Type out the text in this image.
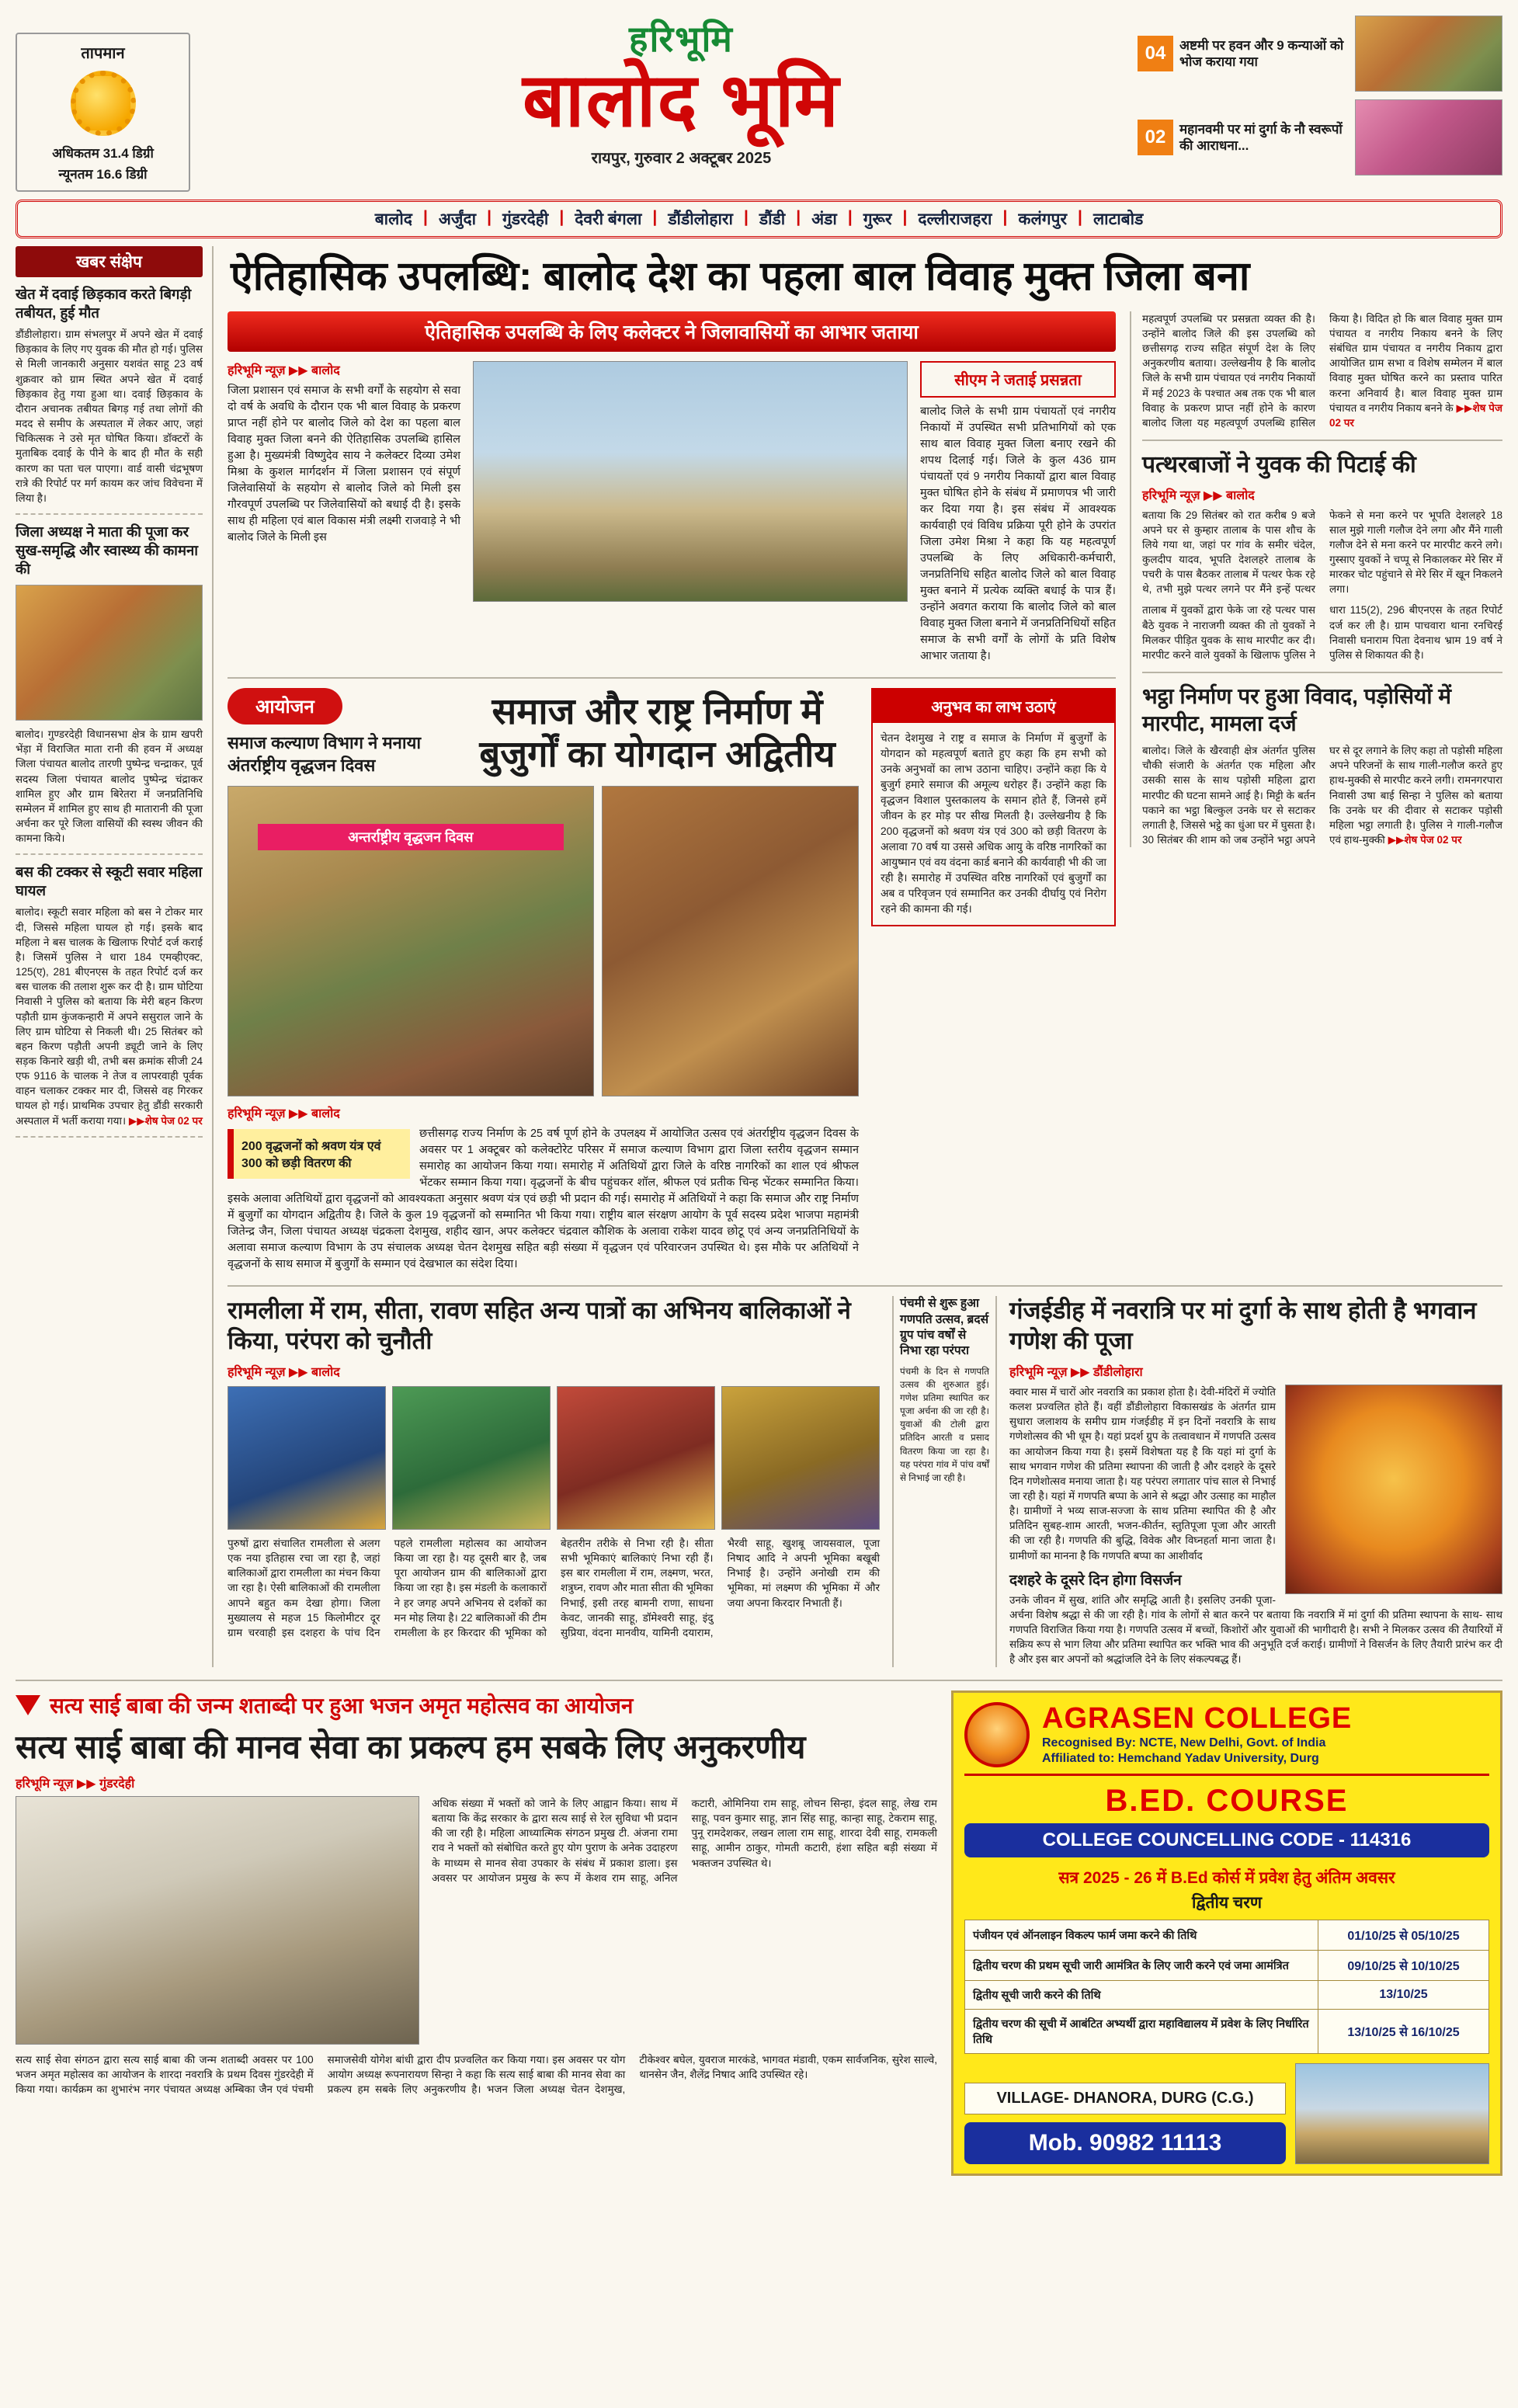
तापमान
अधिकतम 31.4 डिग्री
न्यूनतम 16.6 डिग्री
हरिभूमि
बालोद भूमि
रायपुर, गुरुवार 2 अक्टूबर 2025
04	अष्टमी पर हवन और 9 कन्याओं को भोज कराया गया
02	महानवमी पर मां दुर्गा के नौ स्वरूपों की आराधना...
बालोद | अर्जुंदा | गुंडरदेही | देवरी बंगला | डौंडीलोहारा | डौंडी | अंडा | गुरूर | दल्लीराजहरा | कलंगपुर | लाटाबोड
खबर संक्षेप
खेत में दवाई छिड़काव करते बिगड़ी तबीयत, हुई मौत

डौंडीलोहारा। ग्राम संभलपुर में अपने खेत में दवाई छिड़काव के लिए गए युवक की मौत हो गई। पुलिस से मिली जानकारी अनुसार यशवंत साहू 23 वर्ष शुक्रवार को ग्राम स्थित अपने खेत में दवाई छिड़काव हेतु गया हुआ था। दवाई छिड़काव के दौरान अचानक तबीयत बिगड़ गई तथा लोगों की मदद से समीप के अस्पताल में लेकर आए, जहां चिकित्सक ने उसे मृत घोषित किया। डॉक्टरों के मुताबिक दवाई के पीने के बाद ही मौत के सही कारण का पता चल पाएगा। वार्ड वासी चंद्रभूषण रात्रे की रिपोर्ट पर मर्ग कायम कर जांच विवेचना में लिया है।

जिला अध्यक्ष ने माता की पूजा कर सुख-समृद्धि और स्वास्थ्य की कामना की

बालोद। गुण्डरदेही विधानसभा क्षेत्र के ग्राम खपरी भेंड़ा में विराजित माता रानी की हवन में अध्यक्ष जिला पंचायत बालोद तारणी पुष्पेन्द्र चन्द्राकर, पूर्व सदस्य जिला पंचायत बालोद पुष्पेन्द्र चंद्राकर शामिल हुए और ग्राम बिरेतरा में जनप्रतिनिधि सम्मेलन में शामिल हुए साथ ही मातारानी की पूजा अर्चना कर पूरे जिला वासियों की स्वस्थ जीवन की कामना किये।

बस की टक्कर से स्कूटी सवार महिला घायल

बालोद। स्कूटी सवार महिला को बस ने टोकर मार दी, जिससे महिला घायल हो गई। इसके बाद महिला ने बस चालक के खिलाफ रिपोर्ट दर्ज कराई है। जिसमें पुलिस ने धारा 184 एमव्हीएक्ट, 125(ए), 281 बीएनएस के तहत रिपोर्ट दर्ज कर बस चालक की तलाश शुरू कर दी है। ग्राम घोटिया निवासी ने पुलिस को बताया कि मेरी बहन किरण पड़ौती ग्राम कुंजकन्हारी में अपने ससुराल जाने के लिए ग्राम घोटिया से निकली थी। 25 सितंबर को बहन किरण पड़ौती अपनी ड्यूटी जाने के लिए सड़क किनारे खड़ी थी, तभी बस क्रमांक सीजी 24 एफ 9116 के चालक ने तेज व लापरवाही पूर्वक वाहन चलाकर टक्कर मार दी, जिससे वह गिरकर घायल हो गई। प्राथमिक उपचार हेतु डौंडी सरकारी अस्पताल में भर्ती कराया गया। ▶▶शेष पेज 02 पर

ऐतिहासिक उपलब्धि: बालोद देश का पहला बाल विवाह मुक्त जिला बना
ऐतिहासिक उपलब्धि के लिए कलेक्टर ने जिलावासियों का आभार जताया
हरिभूमि न्यूज़ ▶▶ बालोद

जिला प्रशासन एवं समाज के सभी वर्गों के सहयोग से सवा दो वर्ष के अवधि के दौरान एक भी बाल विवाह के प्रकरण प्राप्त नहीं होने पर बालोद जिले को देश का पहला बाल विवाह मुक्त जिला बनने की ऐतिहासिक उपलब्धि हासिल हुआ है। मुख्यमंत्री विष्णुदेव साय ने कलेक्टर दिव्या उमेश मिश्रा के कुशल मार्गदर्शन में जिला प्रशासन एवं संपूर्ण जिलेवासियों के सहयोग से बालोद जिले को मिली इस गौरवपूर्ण उपलब्धि पर जिलेवासियों को बधाई दी है। इसके साथ ही महिला एवं बाल विकास मंत्री लक्ष्मी राजवाड़े ने भी बालोद जिले के मिली इस

सीएम ने जताई प्रसन्नता

बालोद जिले के सभी ग्राम पंचायतों एवं नगरीय निकायों में उपस्थित सभी प्रतिभागियों को एक साथ बाल विवाह मुक्त जिला बनाए रखने की शपथ दिलाई गई। जिले के कुल 436 ग्राम पंचायतों एवं 9 नगरीय निकायों द्वारा बाल विवाह मुक्त घोषित होने के संबंध में प्रमाणपत्र भी जारी कर दिया गया है। इस संबंध में आवश्यक कार्यवाही एवं विविध प्रक्रिया पूरी होने के उपरांत जिला उमेश मिश्रा ने कहा कि यह महत्वपूर्ण उपलब्धि के लिए अधिकारी-कर्मचारी, जनप्रतिनिधि सहित बालोद जिले को बाल विवाह मुक्त बनाने में प्रत्येक व्यक्ति बधाई के पात्र हैं। उन्होंने अवगत कराया कि बालोद जिले को बाल विवाह मुक्त जिला बनाने में जनप्रतिनिधियों सहित समाज के सभी वर्गों के लोगों के प्रति विशेष आभार जताया है।

आयोजन
समाज कल्याण विभाग ने मनाया अंतर्राष्ट्रीय वृद्धजन दिवस
समाज और राष्ट्र निर्माण में बुजुर्गों का योगदान अद्वितीय
अन्तर्राष्ट्रीय वृद्धजन दिवस
हरिभूमि न्यूज़ ▶▶ बालोद
200 वृद्धजनों को श्रवण यंत्र एवं 300 को छड़ी वितरण की

छत्तीसगढ़ राज्य निर्माण के 25 वर्ष पूर्ण होने के उपलक्ष्य में आयोजित उत्सव एवं अंतर्राष्ट्रीय वृद्धजन दिवस के अवसर पर 1 अक्टूबर को कलेक्टोरेट परिसर में समाज कल्याण विभाग द्वारा जिला स्तरीय वृद्धजन सम्मान समारोह का आयोजन किया गया। समारोह में अतिथियों द्वारा जिले के वरिष्ठ नागरिकों का शाल एवं श्रीफल भेंटकर सम्मान किया गया। वृद्धजनों के बीच पहुंचकर शॉल, श्रीफल एवं प्रतीक चिन्ह भेंटकर सम्मानित किया। इसके अलावा अतिथियों द्वारा वृद्धजनों को आवश्यकता अनुसार श्रवण यंत्र एवं छड़ी भी प्रदान की गई। समारोह में अतिथियों ने कहा कि समाज और राष्ट्र निर्माण में बुजुर्गों का योगदान अद्वितीय है। जिले के कुल 19 वृद्धजनों को सम्मानित भी किया गया। राष्ट्रीय बाल संरक्षण आयोग के पूर्व सदस्य प्रदेश भाजपा महामंत्री जितेन्द्र जैन, जिला पंचायत अध्यक्ष चंद्रकला देशमुख, शहीद खान, अपर कलेक्टर चंद्रवाल कौशिक के अलावा राकेश यादव छोटू एवं अन्य जनप्रतिनिधियों के अलावा समाज कल्याण विभाग के उप संचालक अध्यक्ष चेतन देशमुख सहित बड़ी संख्या में वृद्धजन एवं परिवारजन उपस्थित थे। इस मौके पर अतिथियों ने वृद्धजनों के साथ समाज में बुजुर्गों के सम्मान एवं देखभाल का संदेश दिया।

अनुभव का लाभ उठाएं

चेतन देशमुख ने राष्ट्र व समाज के निर्माण में बुजुर्गों के योगदान को महत्वपूर्ण बताते हुए कहा कि हम सभी को उनके अनुभवों का लाभ उठाना चाहिए। उन्होंने कहा कि ये बुजुर्ग हमारे समाज की अमूल्य धरोहर हैं। उन्होंने कहा कि वृद्धजन विशाल पुस्तकालय के समान होते हैं, जिनसे हमें जीवन के हर मोड़ पर सीख मिलती है। उल्लेखनीय है कि 200 वृद्धजनों को श्रवण यंत्र एवं 300 को छड़ी वितरण के अलावा 70 वर्ष या उससे अधिक आयु के वरिष्ठ नागरिकों का आयुष्मान एवं वय वंदना कार्ड बनाने की कार्यवाही भी की जा रही है। समारोह में उपस्थित वरिष्ठ नागरिकों एवं बुजुर्गों का अब व परिवृजन एवं सम्मानित कर उनकी दीर्घायु एवं निरोग रहने की कामना की गई।

महत्वपूर्ण उपलब्धि पर प्रसन्नता व्यक्त की है। उन्होंने बालोद जिले की इस उपलब्धि को छत्तीसगढ़ राज्य सहित संपूर्ण देश के लिए अनुकरणीय बताया। उल्लेखनीय है कि बालोद जिले के सभी ग्राम पंचायत एवं नगरीय निकायों में मई 2023 के पश्चात अब तक एक भी बाल विवाह के प्रकरण प्राप्त नहीं होने के कारण बालोद जिला यह महत्वपूर्ण उपलब्धि हासिल किया है। विदित हो कि बाल विवाह मुक्त ग्राम पंचायत व नगरीय निकाय बनने के लिए संबंधित ग्राम पंचायत व नगरीय निकाय द्वारा आयोजित ग्राम सभा व विशेष सम्मेलन में बाल विवाह मुक्त घोषित करने का प्रस्ताव पारित करना अनिवार्य है। बाल विवाह मुक्त ग्राम पंचायत व नगरीय निकाय बनने के ▶▶शेष पेज 02 पर

पत्थरबाजों ने युवक की पिटाई की
हरिभूमि न्यूज़ ▶▶ बालोद

बताया कि 29 सितंबर को रात करीब 9 बजे अपने घर से कुम्हार तालाब के पास शौच के लिये गया था, जहां पर गांव के समीर चंदेल, कुलदीप यादव, भूपति देशलहरे तालाब के पचरी के पास बैठकर तालाब में पत्थर फेक रहे थे, तभी मुझे पत्थर लगने पर मैंने इन्हें पत्थर फेकने से मना करने पर भूपति देशलहरे 18 साल मुझे गाली गलौज देने लगा और मैंने गाली गलौज देने से मना करने पर मारपीट करने लगे। गुस्साए युवकों ने चप्पू से निकालकर मेरे सिर में मारकर चोट पहुंचाने से मेरे सिर में खून निकलने लगा।

तालाब में युवकों द्वारा फेके जा रहे पत्थर पास बैठे युवक ने नाराजगी व्यक्त की तो युवकों ने मिलकर पीड़ित युवक के साथ मारपीट कर दी। मारपीट करने वाले युवकों के खिलाफ पुलिस ने धारा 115(2), 296 बीएनएस के तहत रिपोर्ट दर्ज कर ली है। ग्राम पाचवारा थाना रनचिरई निवासी घनाराम पिता देवनाथ भ्राम 19 वर्ष ने पुलिस से शिकायत की है।

भट्ठा निर्माण पर हुआ विवाद, पड़ोसियों में मारपीट, मामला दर्ज

बालोद। जिले के खैरवाही क्षेत्र अंतर्गत पुलिस चौकी संजारी के अंतर्गत एक महिला और उसकी सास के साथ पड़ोसी महिला द्वारा मारपीट की घटना सामने आई है। मिट्टी के बर्तन पकाने का भट्ठा बिल्कुल उनके घर से सटाकर लगाती है, जिससे भट्ठे का धुंआ घर में घुसता है। 30 सितंबर की शाम को जब उन्होंने भट्ठा अपने घर से दूर लगाने के लिए कहा तो पड़ोसी महिला अपने परिजनों के साथ गाली-गलौज करते हुए हाथ-मुक्की से मारपीट करने लगी। रामनगरपारा निवासी उषा बाई सिन्हा ने पुलिस को बताया कि उनके घर की दीवार से सटाकर पड़ोसी महिला भट्ठा लगाती है। पुलिस ने गाली-गलौज एवं हाथ-मुक्की ▶▶शेष पेज 02 पर

रामलीला में राम, सीता, रावण सहित अन्य पात्रों का अभिनय बालिकाओं ने किया, परंपरा को चुनौती
हरिभूमि न्यूज़ ▶▶ बालोद

पुरुषों द्वारा संचालित रामलीला से अलग एक नया इतिहास रचा जा रहा है, जहां बालिकाओं द्वारा रामलीला का मंचन किया जा रहा है। ऐसी बालिकाओं की रामलीला आपने बहुत कम देखा होगा। जिला मुख्यालय से महज 15 किलोमीटर दूर ग्राम चरवाही इस दशहरा के पांच दिन पहले रामलीला महोत्सव का आयोजन किया जा रहा है। यह दूसरी बार है, जब पूरा आयोजन ग्राम की बालिकाओं द्वारा किया जा रहा है। इस मंडली के कलाकारों ने हर जगह अपने अभिनय से दर्शकों का मन मोह लिया है। 22 बालिकाओं की टीम रामलीला के हर किरदार की भूमिका को बेहतरीन तरीके से निभा रही है। सीता सभी भूमिकाएं बालिकाएं निभा रही हैं। इस बार रामलीला में राम, लक्ष्मण, भरत, शत्रुघ्न, रावण और माता सीता की भूमिका निभाई, इसी तरह बामनी राणा, साधना केवट, जानकी साहू, डॉमेश्वरी साहू, इंदु सुप्रिया, वंदना मानवीय, यामिनी दयाराम, भैरवी साहू, खुशबू जायसवाल, पूजा निषाद आदि ने अपनी भूमिका बखूबी निभाई है। उन्होंने अनोखी राम की भूमिका, मां लक्ष्मण की भूमिका में और जया अपना किरदार निभाती हैं।

पंचमी से शुरू हुआ गणपति उत्सव, ब्रदर्स ग्रुप पांच वर्षों से निभा रहा परंपरा

पंचमी के दिन से गणपति उत्सव की शुरुआत हुई। गणेश प्रतिमा स्थापित कर पूजा अर्चना की जा रही है। युवाओं की टोली द्वारा प्रतिदिन आरती व प्रसाद वितरण किया जा रहा है। यह परंपरा गांव में पांच वर्षों से निभाई जा रही है।

गंजईडीह में नवरात्रि पर मां दुर्गा के साथ होती है भगवान गणेश की पूजा
हरिभूमि न्यूज़ ▶▶ डौंडीलोहारा

क्वार मास में चारों ओर नवरात्रि का प्रकाश होता है। देवी-मंदिरों में ज्योति कलश प्रज्वलित होते हैं। वहीं डौंडीलोहारा विकासखंड के अंतर्गत ग्राम सुधारा जलाशय के समीप ग्राम गंजईडीह में इन दिनों नवरात्रि के साथ गणेशोत्सव की भी धूम है। यहां प्रदर्श ग्रुप के तत्वावधान में गणपति उत्सव का आयोजन किया गया है। इसमें विशेषता यह है कि यहां मां दुर्गा के साथ भगवान गणेश की प्रतिमा स्थापना की जाती है और दशहरे के दूसरे दिन गणेशोत्सव मनाया जाता है। यह परंपरा लगातार पांच साल से निभाई जा रही है। यहां में गणपति बप्पा के आने से श्रद्धा और उत्साह का माहौल है। ग्रामीणों ने भव्य साज-सज्जा के साथ प्रतिमा स्थापित की है और प्रतिदिन सुबह-शाम आरती, भजन-कीर्तन, स्तुतिपूजा पूजा और आरती की जा रही है। गणपति की बुद्धि, विवेक और विघ्नहर्ता माना जाता है। ग्रामीणों का मानना है कि गणपति बप्पा का आशीर्वाद

दशहरे के दूसरे दिन होगा विसर्जन

उनके जीवन में सुख, शांति और समृद्धि आती है। इसलिए उनकी पूजा-अर्चना विशेष श्रद्धा से की जा रही है। गांव के लोगों से बात करने पर बताया कि नवरात्रि में मां दुर्गा की प्रतिमा स्थापना के साथ- साथ गणपति विराजित किया गया है। गणपति उत्सव में बच्चों, किशोरों और युवाओं की भागीदारी है। सभी ने मिलकर उत्सव की तैयारियों में सक्रिय रूप से भाग लिया और प्रतिमा स्थापित कर भक्ति भाव की अनुभूति दर्ज कराई। ग्रामीणों ने विसर्जन के लिए तैयारी प्रारंभ कर दी है और इस बार अपनों को श्रद्धांजलि देने के लिए संकल्पबद्ध हैं।

सत्य साई बाबा की जन्म शताब्दी पर हुआ भजन अमृत महोत्सव का आयोजन
सत्य साई बाबा की मानव सेवा का प्रकल्प हम सबके लिए अनुकरणीय
हरिभूमि न्यूज़ ▶▶ गुंडरदेही

अधिक संख्या में भक्तों को जाने के लिए आह्वान किया। साथ में बताया कि केंद्र सरकार के द्वारा सत्य साई से रेल सुविधा भी प्रदान की जा रही है। महिला आध्यात्मिक संगठन प्रमुख टी. अंजना रामा राव ने भक्तों को संबोधित करते हुए योग पुराण के अनेक उदाहरण के माध्यम से मानव सेवा उपकार के संबंध में प्रकाश डाला। इस अवसर पर आयोजन प्रमुख के रूप में केशव राम साहू, अनिल कटारी, ओमिनिया राम साहू, लोचन सिन्हा, इंदल साहू, लेख राम साहू, पवन कुमार साहू, ज्ञान सिंह साहू, कान्हा साहू, टेकराम साहू, पुनू रामदेशकर, लखन लाला राम साहू, शारदा देवी साहू, रामकली साहू, आमीन ठाकुर, गोमती कटारी, हंशा सहित बड़ी संख्या में भक्तजन उपस्थित थे।

सत्य साई सेवा संगठन द्वारा सत्य साई बाबा की जन्म शताब्दी अवसर पर 100 भजन अमृत महोत्सव का आयोजन के शारदा नवरात्रि के प्रथम दिवस गुंडरदेही में किया गया। कार्यक्रम का शुभारंभ नगर पंचायत अध्यक्ष अम्बिका जैन एवं पंचमी समाजसेवी योगेश बांधी द्वारा दीप प्रज्वलित कर किया गया। इस अवसर पर योग आयोग अध्यक्ष रूपनारायण सिन्हा ने कहा कि सत्य साई बाबा की मानव सेवा का प्रकल्प हम सबके लिए अनुकरणीय है। भजन जिला अध्यक्ष चेतन देशमुख, टीकेश्वर बघेल, युवराज मारकंडे, भागवत मंडावी, एकम सार्वजनिक, सुरेश साल्वे, थानसेन जैन, शैलेंद्र निषाद आदि उपस्थित रहे।

AGRASEN COLLEGE
Recognised By: NCTE, New Delhi, Govt. of India
Affiliated to: Hemchand Yadav University, Durg
B.ED. COURSE
COLLEGE COUNCELLING CODE - 114316
सत्र 2025 - 26 में B.Ed कोर्स में प्रवेश हेतु अंतिम अवसर
द्वितीय चरण
पंजीयन एवं ऑनलाइन विकल्प फार्म जमा करने की तिथि	01/10/25 से 05/10/25
द्वितीय चरण की प्रथम सूची जारी आमंत्रित के लिए जारी करने एवं जमा आमंत्रित	09/10/25 से 10/10/25
द्वितीय सूची जारी करने की तिथि	13/10/25
द्वितीय चरण की सूची में आबंटित अभ्यर्थी द्वारा महाविद्यालय में प्रवेश के लिए निर्धारित तिथि	13/10/25 से 16/10/25
VILLAGE- DHANORA, DURG (C.G.)
Mob. 90982 11113
